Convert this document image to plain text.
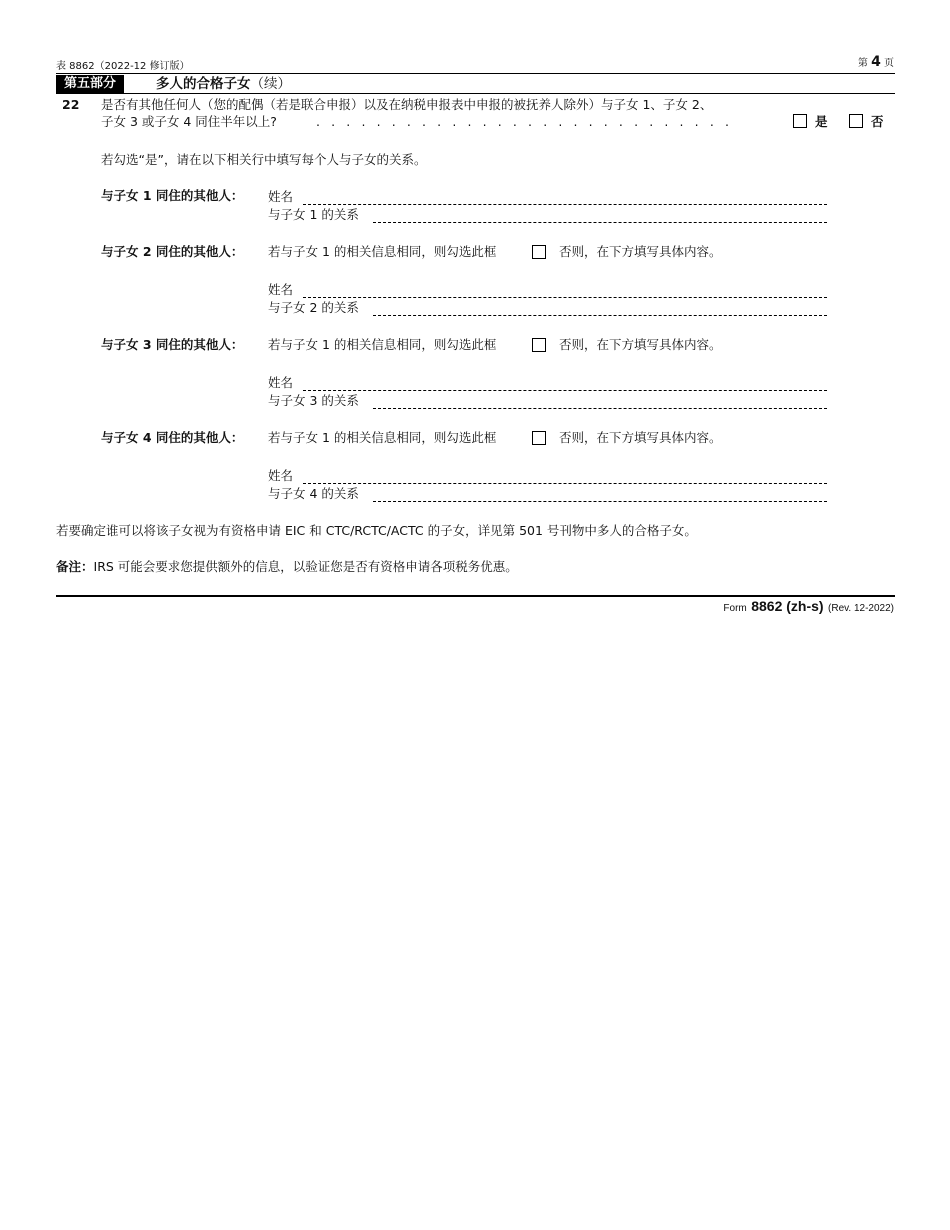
表 8862（2022-12 修订版）	第 4 页
第五部分	多人的合格子女（续）
22 是否有其他任何人（您的配偶（若是联合申报）以及在纳税申报表中申报的被抚养人除外）与子女 1、子女 2、
子女 3 或子女 4 同住半年以上?	. . . . . . . . . . . . . . . . . . . . . . . . . . . .	是	否
若勾选“是”，请在以下相关行中填写每个人与子女的关系。
与子女 1 同住的其他人： 姓名
与子女 1 的关系
与子女 2 同住的其他人： 若与子女 1 的相关信息相同，则勾选此框	否则，在下方填写具体内容。
姓名
与子女 2 的关系
与子女 3 同住的其他人： 若与子女 1 的相关信息相同，则勾选此框	否则，在下方填写具体内容。
姓名
与子女 3 的关系
与子女 4 同住的其他人： 若与子女 1 的相关信息相同，则勾选此框	否则，在下方填写具体内容。
姓名
与子女 4 的关系
若要确定谁可以将该子女视为有资格申请 EIC 和 CTC/RCTC/ACTC 的子女，详见第 501 号刊物中多人的合格子女。
备注：IRS 可能会要求您提供额外的信息，以验证您是否有资格申请各项税务优惠。
Form 8862 (zh-s) (Rev. 12-2022)
